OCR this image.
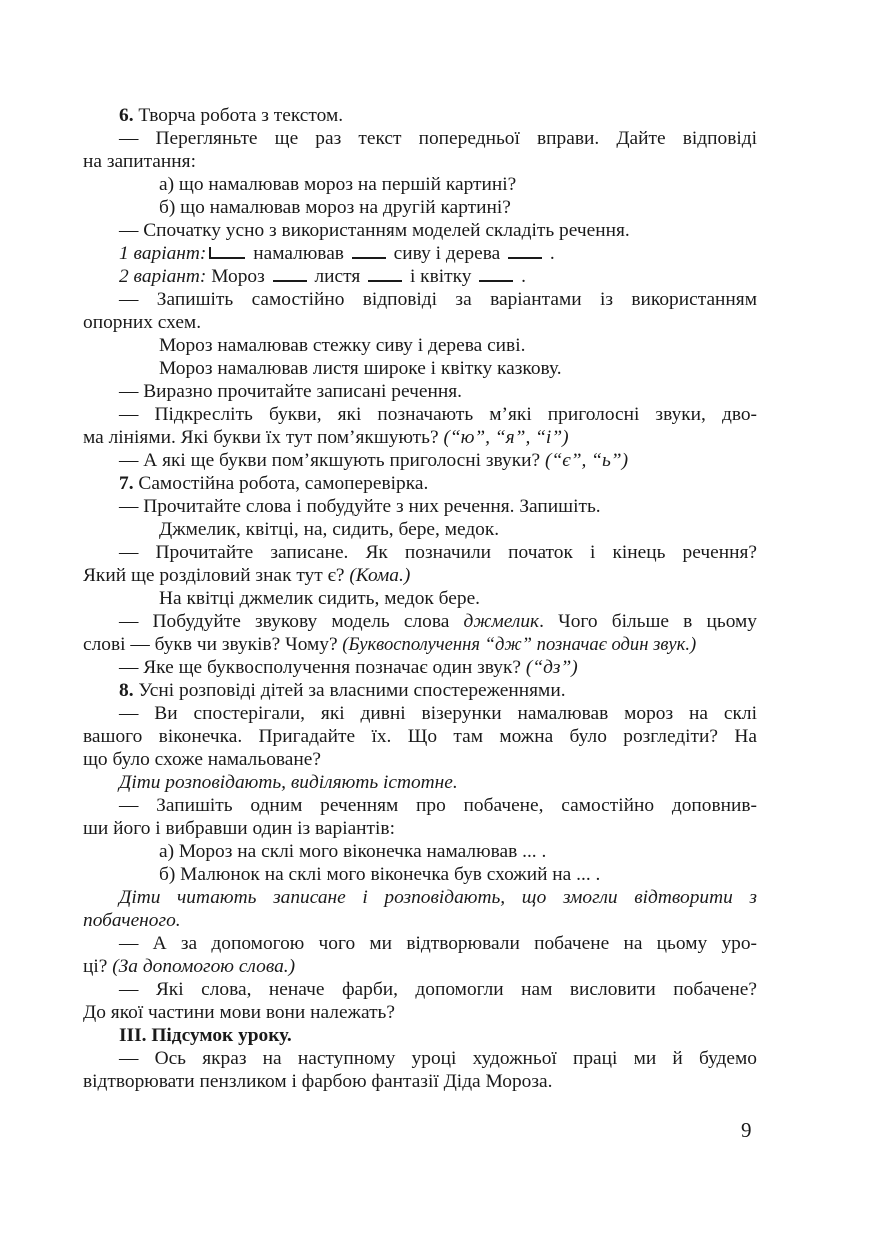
6. Творча робота з текстом.
— Перегляньте ще раз текст попередньої вправи. Дайте відповіді
на запитання:
а) що намалював мороз на першій картині?
б) що намалював мороз на другій картині?
— Спочатку усно з використанням моделей складіть речення.
1 варіант: намалював  сиву і дерева  .
2 варіант: Мороз  листя  і квітку  .
— Запишіть самостійно відповіді за варіантами із використанням
опорних схем.
Мороз намалював стежку сиву і дерева сиві.
Мороз намалював листя широке і квітку казкову.
— Виразно прочитайте записані речення.
— Підкресліть букви, які позначають м’які приголосні звуки, дво-
ма лініями. Які букви їх тут пом’якшують? (“ю”, “я”, “і”)
— А які ще букви пом’якшують приголосні звуки? (“є”, “ь”)
7. Самостійна робота, самоперевірка.
— Прочитайте слова і побудуйте з них речення. Запишіть.
Джмелик, квітці, на, сидить, бере, медок.
— Прочитайте записане. Як позначили початок і кінець речення?
Який ще розділовий знак тут є? (Кома.)
На квітці джмелик сидить, медок бере.
— Побудуйте звукову модель слова джмелик. Чого більше в цьому
слові — букв чи звуків? Чому? (Буквосполучення “дж” позначає один звук.)
— Яке ще буквосполучення позначає один звук? (“дз”)
8. Усні розповіді дітей за власними спостереженнями.
— Ви спостерігали, які дивні візерунки намалював мороз на склі
вашого віконечка. Пригадайте їх. Що там можна було розгледіти? На
що було схоже намальоване?
Діти розповідають, виділяють істотне.
— Запишіть одним реченням про побачене, самостійно доповнив-
ши його і вибравши один із варіантів:
а) Мороз на склі мого віконечка намалював ... .
б) Малюнок на склі мого віконечка був схожий на ... .
Діти читають записане і розповідають, що змогли відтворити з
побаченого.
— А за допомогою чого ми відтворювали побачене на цьому уро-
ці? (За допомогою слова.)
— Які слова, неначе фарби, допомогли нам висловити побачене?
До якої частини мови вони належать?
III. Підсумок уроку.
— Ось якраз на наступному уроці художньої праці ми й будемо
відтворювати пензликом і фарбою фантазії Діда Мороза.
9
